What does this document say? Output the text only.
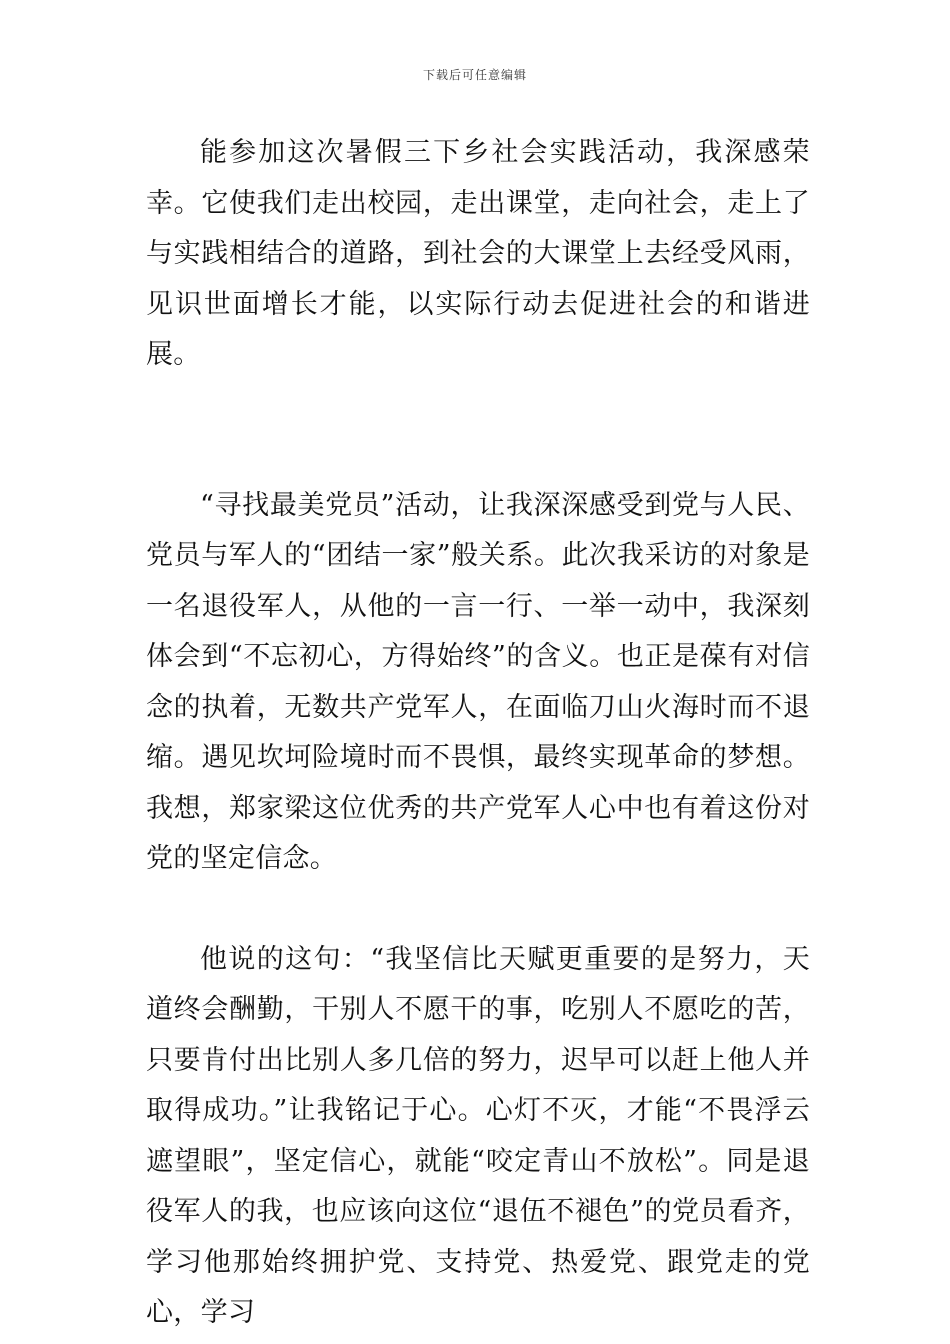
下载后可任意编辑

能参加这次暑假三下乡社会实践活动，我深感荣幸。它使我们走出校园，走出课堂，走向社会，走上了与实践相结合的道路，到社会的大课堂上去经受风雨，见识世面增长才能，以实际行动去促进社会的和谐进展。

“寻找最美党员”活动，让我深深感受到党与人民、党员与军人的“团结一家”般关系。此次我采访的对象是一名退役军人，从他的一言一行、一举一动中，我深刻体会到“不忘初心，方得始终”的含义。也正是葆有对信念的执着，无数共产党军人，在面临刀山火海时而不退缩。遇见坎坷险境时而不畏惧，最终实现革命的梦想。我想，郑家梁这位优秀的共产党军人心中也有着这份对党的坚定信念。

他说的这句：“我坚信比天赋更重要的是努力，天道终会酬勤，干别人不愿干的事，吃别人不愿吃的苦，只要肯付出比别人多几倍的努力，迟早可以赶上他人并取得成功。”让我铭记于心。心灯不灭，才能“不畏浮云遮望眼”，坚定信心，就能“咬定青山不放松”。同是退役军人的我，也应该向这位“退伍不褪色”的党员看齐，学习他那始终拥护党、支持党、热爱党、跟党走的党心，学习
